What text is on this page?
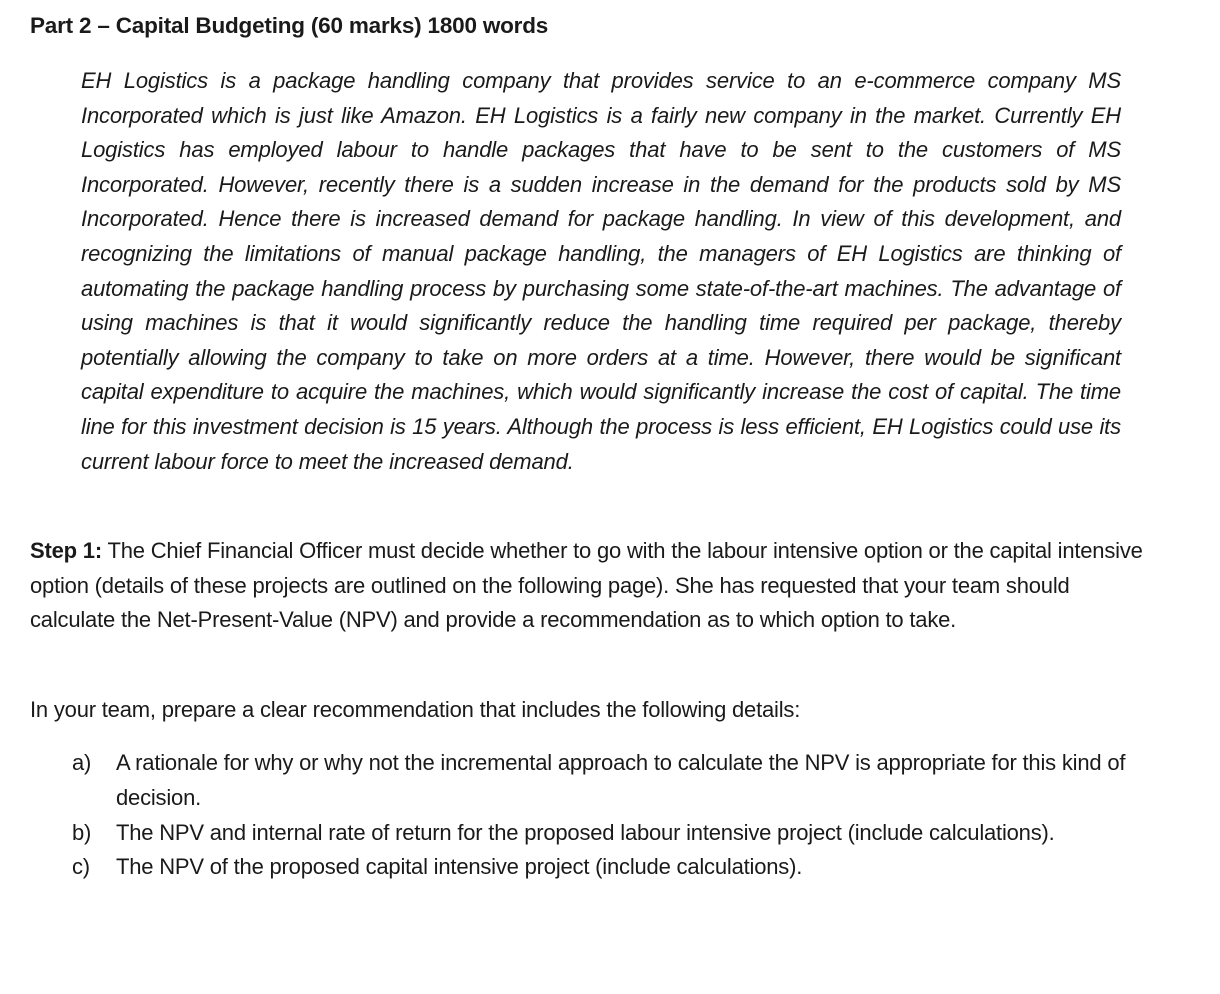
Part 2 – Capital Budgeting (60 marks) 1800 words
EH Logistics is a package handling company that provides service to an e-commerce company MS Incorporated which is just like Amazon. EH Logistics is a fairly new company in the market. Currently EH Logistics has employed labour to handle packages that have to be sent to the customers of MS Incorporated. However, recently there is a sudden increase in the demand for the products sold by MS Incorporated. Hence there is increased demand for package handling. In view of this development, and recognizing the limitations of manual package handling, the managers of EH Logistics are thinking of automating the package handling process by purchasing some state-of-the-art machines. The advantage of using machines is that it would significantly reduce the handling time required per package, thereby potentially allowing the company to take on more orders at a time. However, there would be significant capital expenditure to acquire the machines, which would significantly increase the cost of capital. The time line for this investment decision is 15 years. Although the process is less efficient, EH Logistics could use its current labour force to meet the increased demand.
Step 1: The Chief Financial Officer must decide whether to go with the labour intensive option or the capital intensive option (details of these projects are outlined on the following page). She has requested that your team should calculate the Net-Present-Value (NPV) and provide a recommendation as to which option to take.
In your team, prepare a clear recommendation that includes the following details:
a)	A rationale for why or why not the incremental approach to calculate the NPV is appropriate for this kind of decision.
b)	The NPV and internal rate of return for the proposed labour intensive project (include calculations).
c)	The NPV of the proposed capital intensive project (include calculations).
